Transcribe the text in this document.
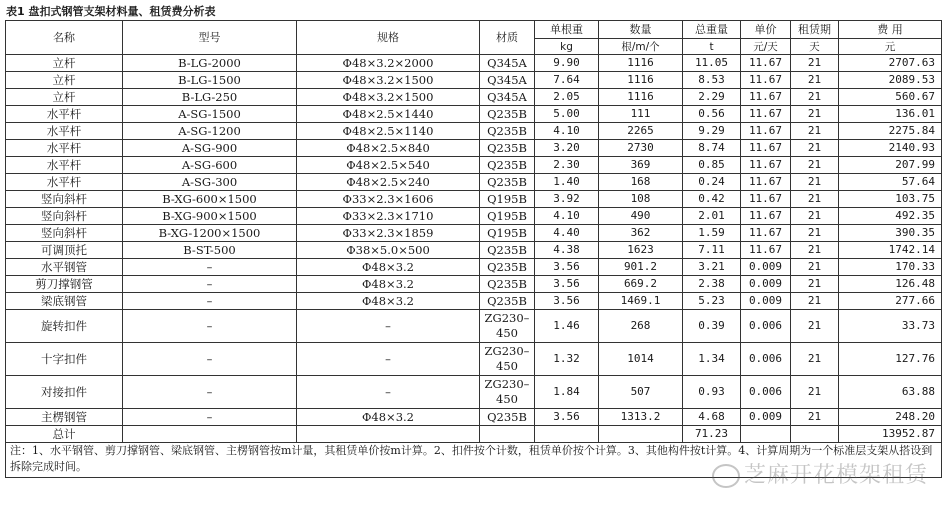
表1 盘扣式钢管支架材料量、租赁费分析表
名称	型号	规格	材质	单根重	数量	总重量	单价	租赁期	费 用
				kg	根/m/个	t	元/天	天	元
立杆	B-LG-2000	Φ48×3.2×2000	Q345A	9.90	1116	11.05	11.67	21	2707.63
立杆	B-LG-1500	Φ48×3.2×1500	Q345A	7.64	1116	8.53	11.67	21	2089.53
立杆	B-LG-250	Φ48×3.2×1500	Q345A	2.05	1116	2.29	11.67	21	560.67
水平杆	A-SG-1500	Φ48×2.5×1440	Q235B	5.00	111	0.56	11.67	21	136.01
水平杆	A-SG-1200	Φ48×2.5×1140	Q235B	4.10	2265	9.29	11.67	21	2275.84
水平杆	A-SG-900	Φ48×2.5×840	Q235B	3.20	2730	8.74	11.67	21	2140.93
水平杆	A-SG-600	Φ48×2.5×540	Q235B	2.30	369	0.85	11.67	21	207.99
水平杆	A-SG-300	Φ48×2.5×240	Q235B	1.40	168	0.24	11.67	21	57.64
竖向斜杆	B-XG-600×1500	Φ33×2.3×1606	Q195B	3.92	108	0.42	11.67	21	103.75
竖向斜杆	B-XG-900×1500	Φ33×2.3×1710	Q195B	4.10	490	2.01	11.67	21	492.35
竖向斜杆	B-XG-1200×1500	Φ33×2.3×1859	Q195B	4.40	362	1.59	11.67	21	390.35
可调顶托	B-ST-500	Φ38×5.0×500	Q235B	4.38	1623	7.11	11.67	21	1742.14
水平钢管	–	Φ48×3.2	Q235B	3.56	901.2	3.21	0.009	21	170.33
剪刀撑钢管	–	Φ48×3.2	Q235B	3.56	669.2	2.38	0.009	21	126.48
梁底钢管	–	Φ48×3.2	Q235B	3.56	1469.1	5.23	0.009	21	277.66
旋转扣件	–	–	ZG230–450	1.46	268	0.39	0.006	21	33.73
十字扣件	–	–	ZG230–450	1.32	1014	1.34	0.006	21	127.76
对接扣件	–	–	ZG230–450	1.84	507	0.93	0.006	21	63.88
主楞钢管	–	Φ48×3.2	Q235B	3.56	1313.2	4.68	0.009	21	248.20
总计						71.23			13952.87
注：1、水平钢管、剪刀撑钢管、梁底钢管、主楞钢管按m计量，其租赁单价按m计算。2、扣件按个计数，租赁单价按个计算。3、其他构件按t计算。4、计算周期为一个标准层支架从搭设到拆除完成时间。										芝麻开花模架租赁
